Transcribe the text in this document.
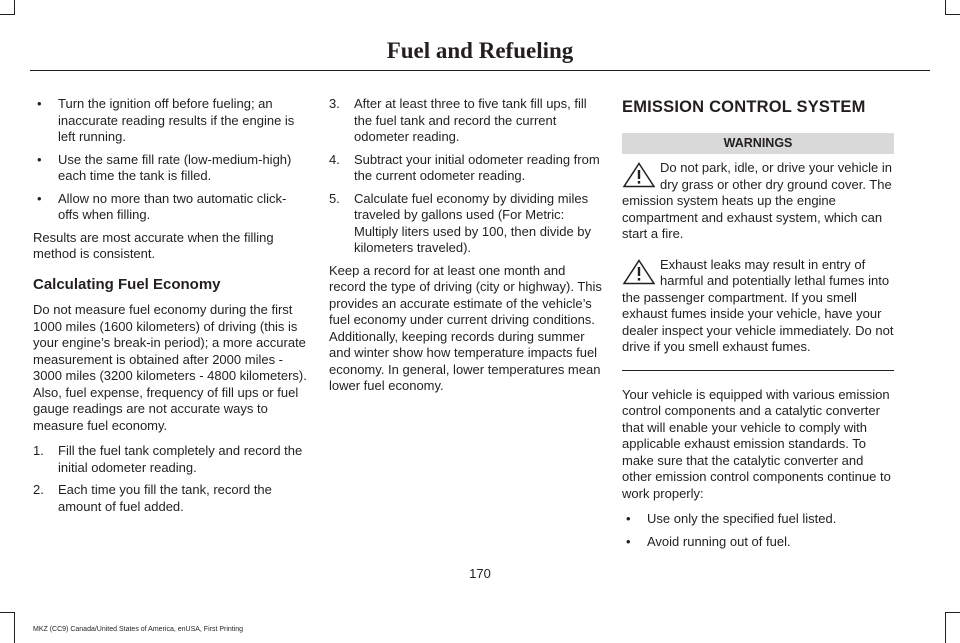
Fuel and Refueling
• Turn the ignition off before fueling; an inaccurate reading results if the engine is left running.
• Use the same fill rate (low-medium-high) each time the tank is filled.
• Allow no more than two automatic click-offs when filling.

Results are most accurate when the filling method is consistent.

Calculating Fuel Economy

Do not measure fuel economy during the first 1000 miles (1600 kilometers) of driving (this is your engine’s break-in period); a more accurate measurement is obtained after 2000 miles - 3000 miles (3200 kilometers - 4800 kilometers). Also, fuel expense, frequency of fill ups or fuel gauge readings are not accurate ways to measure fuel economy.

1. Fill the fuel tank completely and record the initial odometer reading.
2. Each time you fill the tank, record the amount of fuel added.
3. After at least three to five tank fill ups, fill the fuel tank and record the current odometer reading.
4. Subtract your initial odometer reading from the current odometer reading.
5. Calculate fuel economy by dividing miles traveled by gallons used (For Metric: Multiply liters used by 100, then divide by kilometers traveled).

Keep a record for at least one month and record the type of driving (city or highway). This provides an accurate estimate of the vehicle’s fuel economy under current driving conditions. Additionally, keeping records during summer and winter show how temperature impacts fuel economy. In general, lower temperatures mean lower fuel economy.

EMISSION CONTROL SYSTEM
WARNINGS
Do not park, idle, or drive your vehicle in dry grass or other dry ground cover. The emission system heats up the engine compartment and exhaust system, which can start a fire.
Exhaust leaks may result in entry of harmful and potentially lethal fumes into the passenger compartment. If you smell exhaust fumes inside your vehicle, have your dealer inspect your vehicle immediately. Do not drive if you smell exhaust fumes.

Your vehicle is equipped with various emission control components and a catalytic converter that will enable your vehicle to comply with applicable exhaust emission standards. To make sure that the catalytic converter and other emission control components continue to work properly:

• Use only the specified fuel listed.
• Avoid running out of fuel.
170
MKZ (CC9) Canada/United States of America, enUSA, First Printing
